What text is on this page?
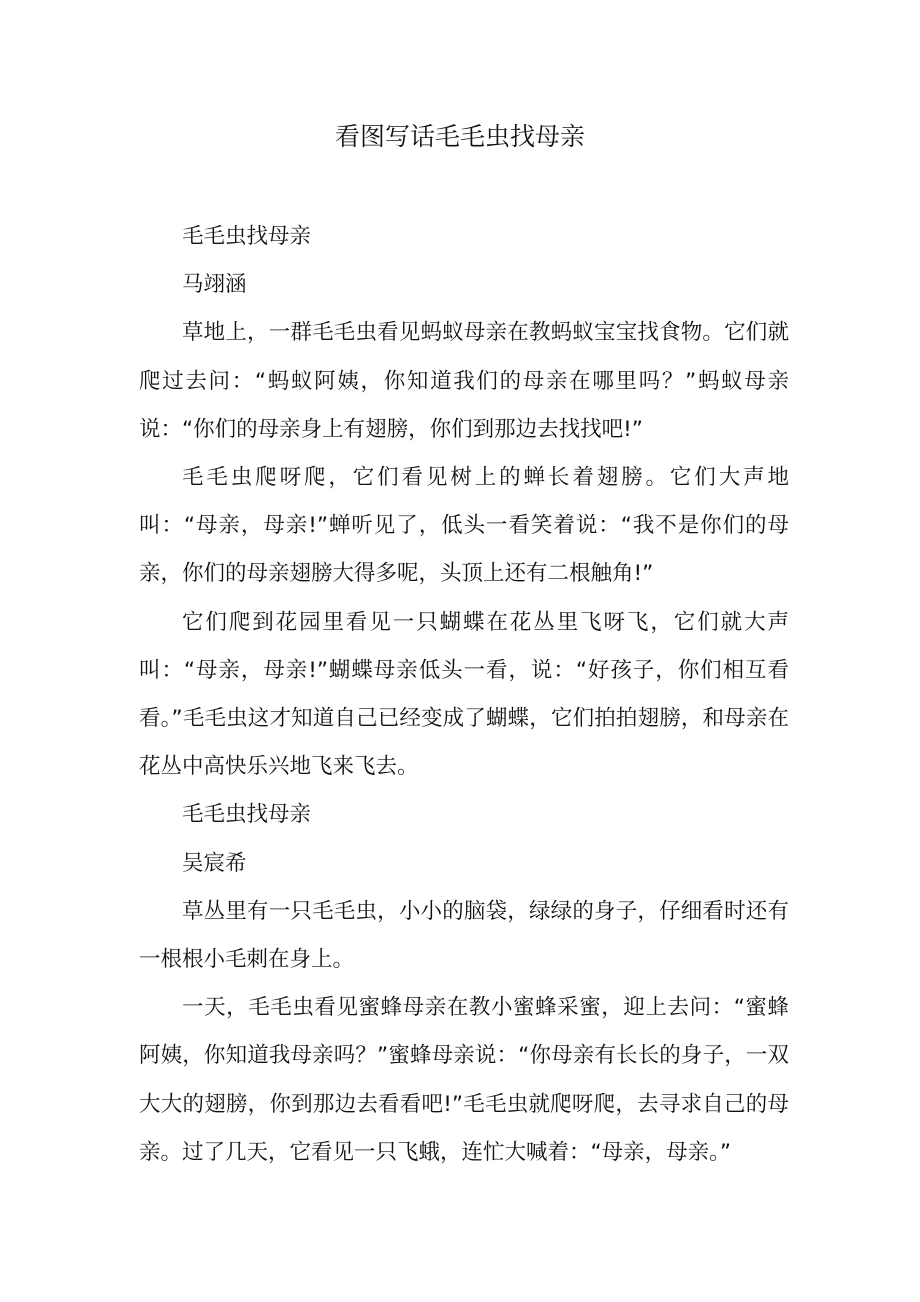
看图写话毛毛虫找母亲

毛毛虫找母亲

马翊涵

草地上，一群毛毛虫看见蚂蚁母亲在教蚂蚁宝宝找食物。它们就爬过去问：“蚂蚁阿姨，你知道我们的母亲在哪里吗？”蚂蚁母亲说：“你们的母亲身上有翅膀，你们到那边去找找吧!”

毛毛虫爬呀爬，它们看见树上的蝉长着翅膀。它们大声地叫：“母亲，母亲!”蝉听见了，低头一看笑着说：“我不是你们的母亲，你们的母亲翅膀大得多呢，头顶上还有二根触角!”

它们爬到花园里看见一只蝴蝶在花丛里飞呀飞，它们就大声叫：“母亲，母亲!”蝴蝶母亲低头一看，说：“好孩子，你们相互看看。”毛毛虫这才知道自己已经变成了蝴蝶，它们拍拍翅膀，和母亲在花丛中高快乐兴地飞来飞去。

毛毛虫找母亲

吴宸希

草丛里有一只毛毛虫，小小的脑袋，绿绿的身子，仔细看时还有一根根小毛刺在身上。

一天，毛毛虫看见蜜蜂母亲在教小蜜蜂采蜜，迎上去问：“蜜蜂阿姨，你知道我母亲吗？”蜜蜂母亲说：“你母亲有长长的身子，一双大大的翅膀，你到那边去看看吧!”毛毛虫就爬呀爬，去寻求自己的母亲。过了几天，它看见一只飞蛾，连忙大喊着：“母亲，母亲。”
